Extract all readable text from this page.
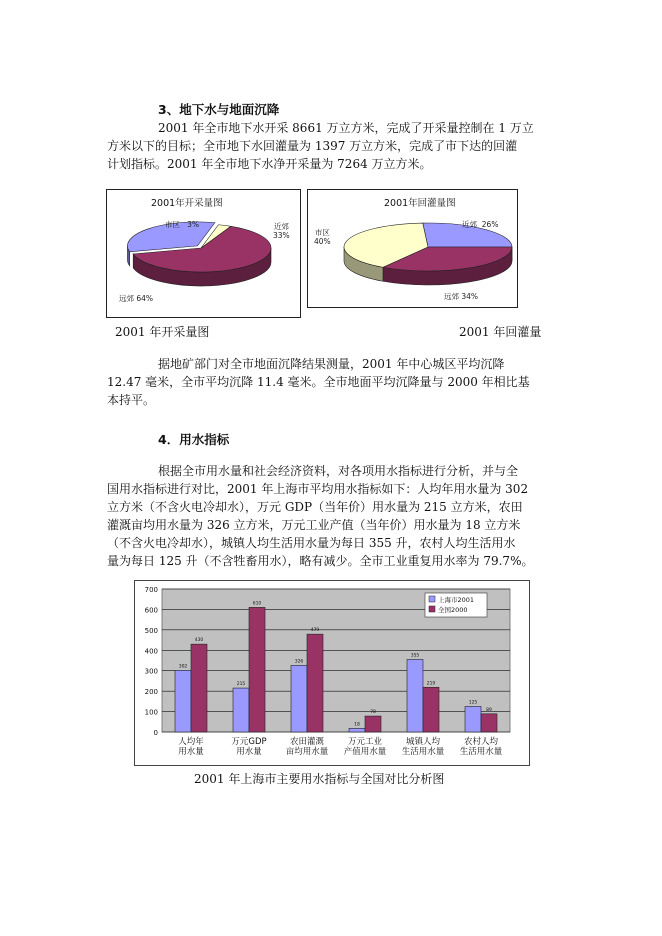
3、地下水与地面沉降
2001 年全市地下水开采 8661 万立方米，完成了开采量控制在 1 万立
方米以下的目标；全市地下水回灌量为 1397 万立方米，完成了市下达的回灌
计划指标。2001 年全市地下水净开采量为 7264 万立方米。
2001年开采量图
市区 3%	近郊
33%
远郊 64%
2001年回灌量图
市区
40%
近郊 26%
远郊 34%
2001 年开采量图	2001 年回灌量
据地矿部门对全市地面沉降结果测量，2001 年中心城区平均沉降
12.47 毫米，全市平均沉降 11.4 毫米。全市地面平均沉降量与 2000 年相比基
本持平。
4．用水指标
根据全市用水量和社会经济资料，对各项用水指标进行分析，并与全
国用水指标进行对比，2001 年上海市平均用水指标如下：人均年用水量为 302
立方米（不含火电冷却水），万元 GDP（当年价）用水量为 215 立方米，农田
灌溉亩均用水量为 326 立方米，万元工业产值（当年价）用水量为 18 立方米
（不含火电冷却水），城镇人均生活用水量为每日 355 升，农村人均生活用水
量为每日 125 升（不含牲畜用水），略有减少。全市工业重复用水率为 79.7%。
0
100
200
300
400
500
600
700
302
430
人均年
用水量
215
610
万元GDP
用水量
326
479
农田灌溉
亩均用水量
18
78
万元工业
产值用水量
355
219
城镇人均
生活用水量
125
89
农村人均
生活用水量
上海市2001
全国2000
2001 年上海市主要用水指标与全国对比分析图
